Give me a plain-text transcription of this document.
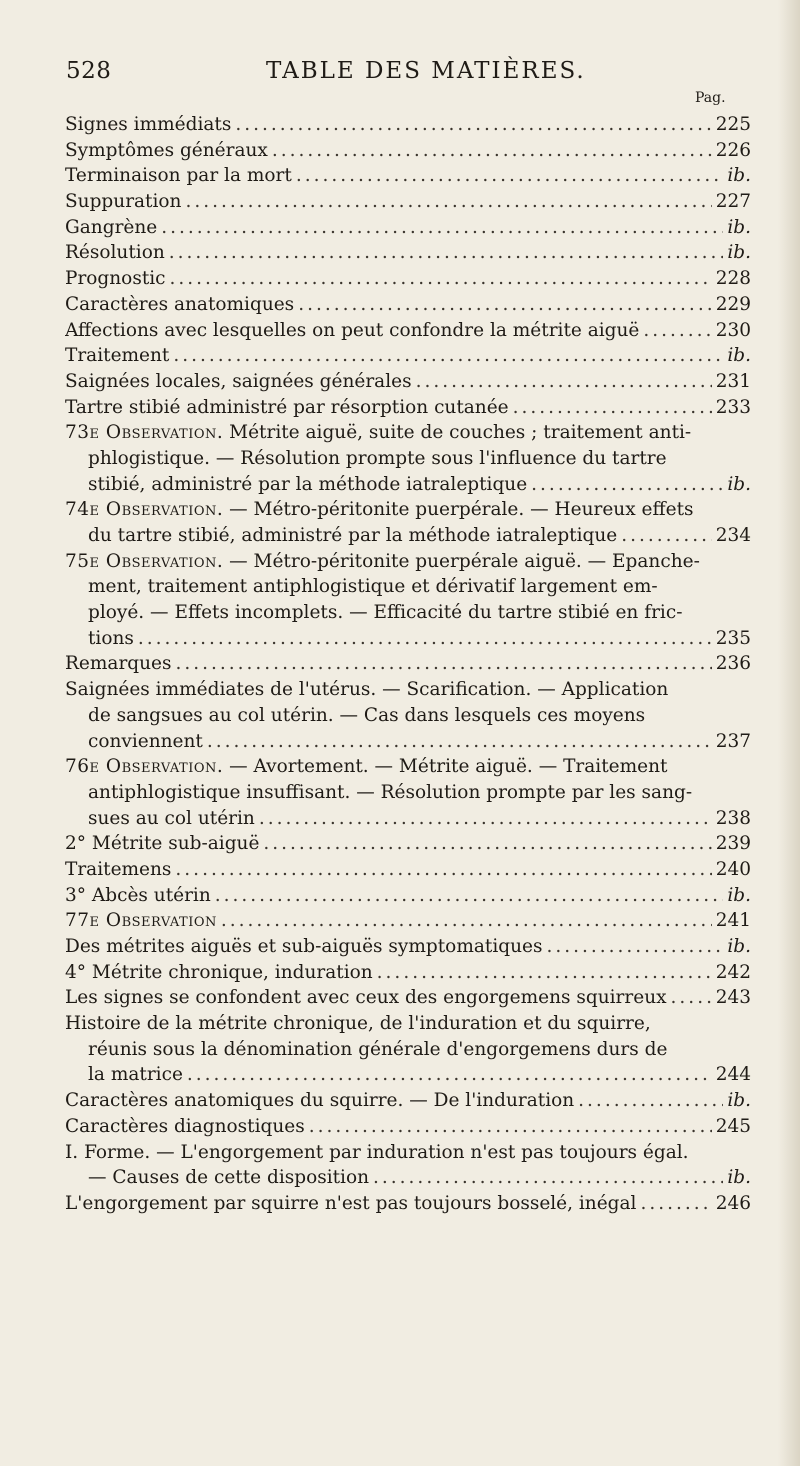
528	TABLE DES MATIÈRES.
Pag.
Signes immédiats .....	225
Symptômes généraux .....	226
Terminaison par la mort .....	ib.
Suppuration .....	227
Gangrène .....	ib.
Résolution .....	ib.
Prognostic .....	228
Caractères anatomiques .....	229
Affections avec lesquelles on peut confondre la métrite aiguë .....	230
Traitement .....	ib.
Saignées locales, saignées générales .....	231
Tartre stibié administré par résorption cutanée .....	233
73e Observation. Métrite aiguë, suite de couches ; traitement anti-
phlogistique. — Résolution prompte sous l'influence du tartre
stibié, administré par la méthode iatraleptique .....	ib.
74e Observation. — Métro-péritonite puerpérale. — Heureux effets
du tartre stibié, administré par la méthode iatraleptique .....	234
75e Observation. — Métro-péritonite puerpérale aiguë. — Epanche-
ment, traitement antiphlogistique et dérivatif largement em-
ployé. — Effets incomplets. — Efficacité du tartre stibié en fric-
tions .....	235
Remarques .....	236
Saignées immédiates de l'utérus. — Scarification. — Application
de sangsues au col utérin. — Cas dans lesquels ces moyens
conviennent .....	237
76e Observation. — Avortement. — Métrite aiguë. — Traitement
antiphlogistique insuffisant. — Résolution prompte par les sang-
sues au col utérin .....	238
2° Métrite sub-aiguë .....	239
Traitemens .....	240
3° Abcès utérin .....	ib.
77e Observation .....	241
Des métrites aiguës et sub-aiguës symptomatiques .....	ib.
4° Métrite chronique, induration .....	242
Les signes se confondent avec ceux des engorgemens squirreux .....	243
Histoire de la métrite chronique, de l'induration et du squirre,
réunis sous la dénomination générale d'engorgemens durs de
la matrice .....	244
Caractères anatomiques du squirre. — De l'induration .....	ib.
Caractères diagnostiques .....	245
I. Forme. — L'engorgement par induration n'est pas toujours égal.
— Causes de cette disposition .....	ib.
L'engorgement par squirre n'est pas toujours bosselé, inégal .....	246
